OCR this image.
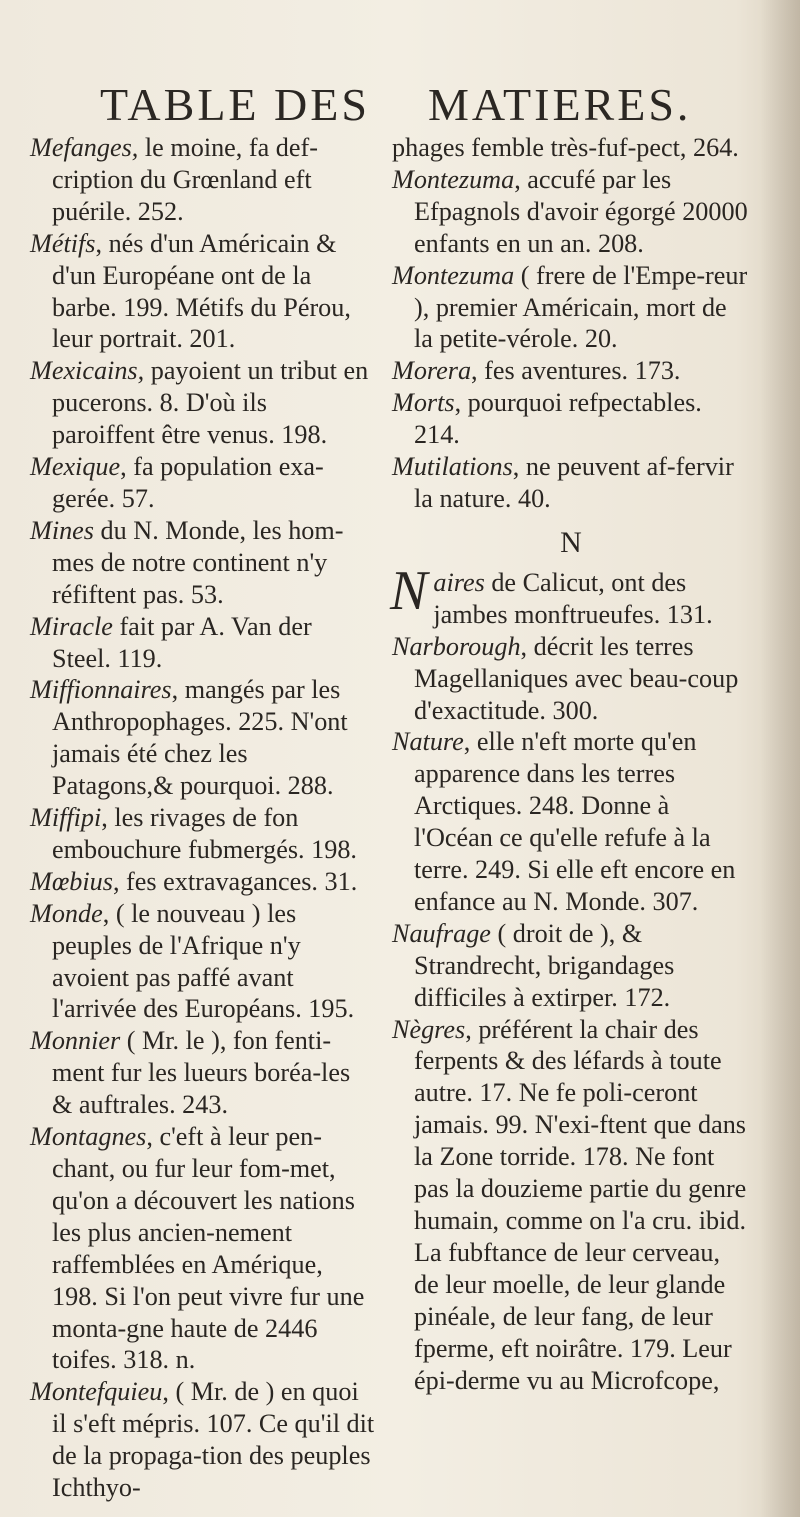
TABLE DES MATIERES.

Mefanges, le moine, fa def-cription du Grœnland eft puérile. 252.

Métifs, nés d'un Américain & d'un Européane ont de la barbe. 199. Métifs du Pérou, leur portrait. 201.

Mexicains, payoient un tribut en pucerons. 8. D'où ils paroiffent être venus. 198.

Mexique, fa population exa-gerée. 57.

Mines du N. Monde, les hom-mes de notre continent n'y réfiftent pas. 53.

Miracle fait par A. Van der Steel. 119.

Miffionnaires, mangés par les Anthropophages. 225. N'ont jamais été chez les Patagons,& pourquoi. 288.

Miffipi, les rivages de fon embouchure fubmergés. 198.

Mœbius, fes extravagances. 31.

Monde, ( le nouveau ) les peuples de l'Afrique n'y avoient pas paffé avant l'arrivée des Européans. 195.

Monnier ( Mr. le ), fon fenti-ment fur les lueurs boréa-les & auftrales. 243.

Montagnes, c'eft à leur pen-chant, ou fur leur fom-met, qu'on a découvert les nations les plus ancien-nement raffemblées en Amérique, 198. Si l'on peut vivre fur une monta-gne haute de 2446 toifes. 318. n.

Montefquieu, ( Mr. de ) en quoi il s'eft mépris. 107. Ce qu'il dit de la propaga-tion des peuples Ichthyo-

phages femble très-fuf-pect, 264.

Montezuma, accufé par les Efpagnols d'avoir égorgé 20000 enfants en un an. 208.

Montezuma ( frere de l'Empe-reur ), premier Américain, mort de la petite-vérole. 20.

Morera, fes aventures. 173.

Morts, pourquoi refpectables. 214.

Mutilations, ne peuvent af-fervir la nature. 40.

N

Naires de Calicut, ont des jambes monftrueufes. 131.

Narborough, décrit les terres Magellaniques avec beau-coup d'exactitude. 300.

Nature, elle n'eft morte qu'en apparence dans les terres Arctiques. 248. Donne à l'Océan ce qu'elle refufe à la terre. 249. Si elle eft encore en enfance au N. Monde. 307.

Naufrage ( droit de ), & Strandrecht, brigandages difficiles à extirper. 172.

Nègres, préférent la chair des ferpents & des léfards à toute autre. 17. Ne fe poli-ceront jamais. 99. N'exi-ftent que dans la Zone torride. 178. Ne font pas la douzieme partie du genre humain, comme on l'a cru. ibid. La fubftance de leur cerveau, de leur moelle, de leur glande pinéale, de leur fang, de leur fperme, eft noirâtre. 179. Leur épi-derme vu au Microfcope,
